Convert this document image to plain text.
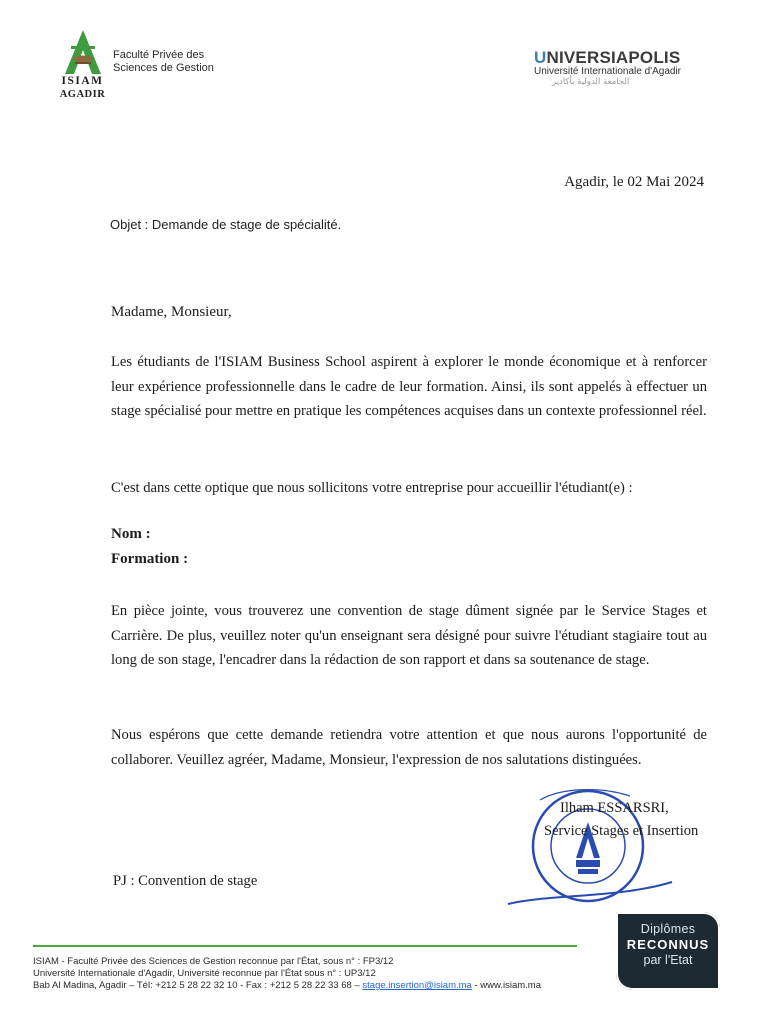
Faculté Privée des
Sciences de Gestion
ISIAM
AGADIR
UNIVERSIAPOLIS
Université Internationale d'Agadir
الجامعة الدولية بأكادير
Agadir, le 02 Mai 2024
Objet : Demande de stage de spécialité.
Madame, Monsieur,
Les étudiants de l'ISIAM Business School aspirent à explorer le monde économique et à renforcer leur expérience professionnelle dans le cadre de leur formation. Ainsi, ils sont appelés à effectuer un stage spécialisé pour mettre en pratique les compétences acquises dans un contexte professionnel réel.
C'est dans cette optique que nous sollicitons votre entreprise pour accueillir l'étudiant(e) :
Nom :
Formation :
En pièce jointe, vous trouverez une convention de stage dûment signée par le Service Stages et Carrière. De plus, veuillez noter qu'un enseignant sera désigné pour suivre l'étudiant stagiaire tout au long de son stage, l'encadrer dans la rédaction de son rapport et dans sa soutenance de stage.
Nous espérons que cette demande retiendra votre attention et que nous aurons l'opportunité de collaborer. Veuillez agréer, Madame, Monsieur, l'expression de nos salutations distinguées.
Ilham ESSARSRI,
Service Stages et Insertion
PJ : Convention de stage
ISIAM - Faculté Privée des Sciences de Gestion reconnue par l'État, sous n° : FP3/12
Université Internationale d'Agadir, Université reconnue par l'État sous n° : UP3/12
Bab Al Madina, Agadir – Tél: +212 5 28 22 32 10 - Fax : +212 5 28 22 33 68 – stage.insertion@isiam.ma - www.isiam.ma
Diplômes
RECONNUS
par l'Etat
